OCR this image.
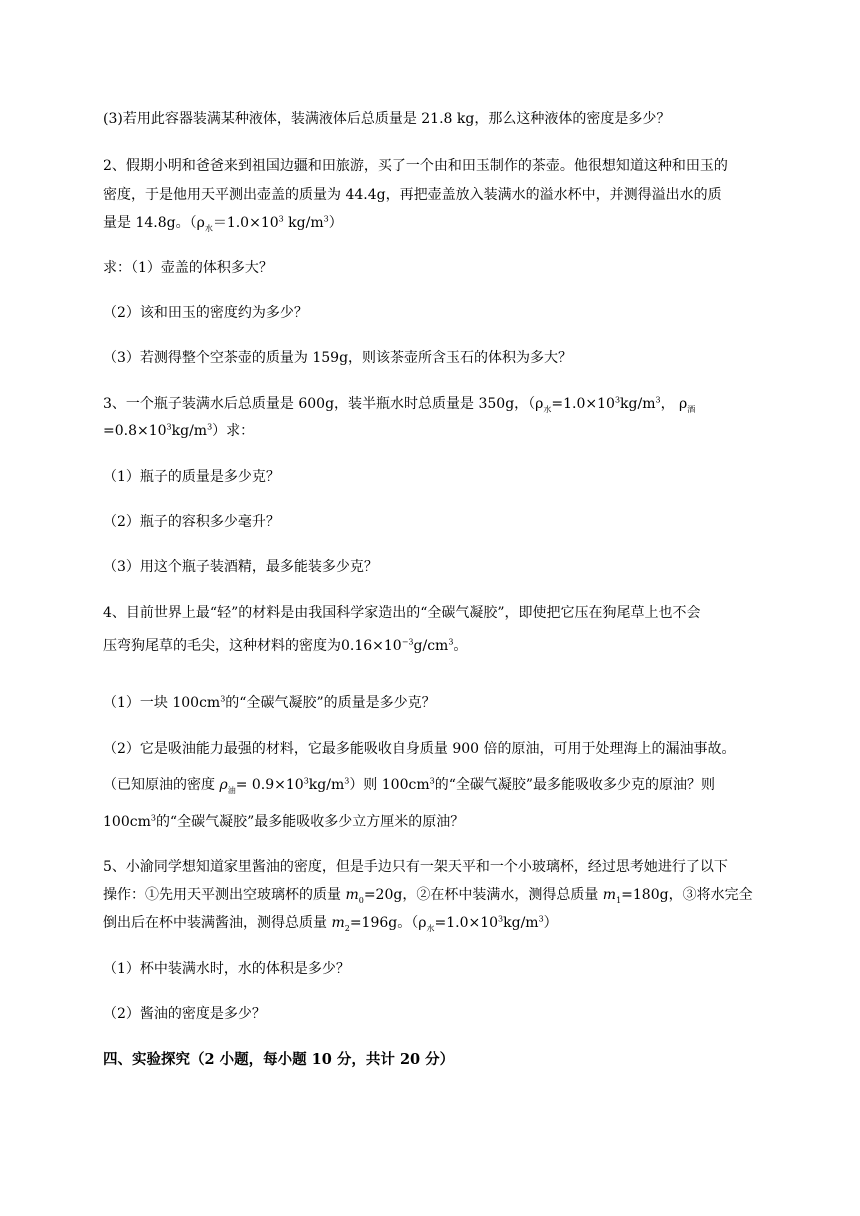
(3)若用此容器装满某种液体，装满液体后总质量是 21.8 kg，那么这种液体的密度是多少？
2、假期小明和爸爸来到祖国边疆和田旅游，买了一个由和田玉制作的茶壶。他很想知道这种和田玉的
密度，于是他用天平测出壶盖的质量为 44.4g，再把壶盖放入装满水的溢水杯中，并测得溢出水的质
量是 14.8g。（$\rho_水=1.0\times 10^3$ $kg/m^3$）
求：（1）壶盖的体积多大？
（2）该和田玉的密度约为多少？
（3）若测得整个空茶壶的质量为 159g，则该茶壶所含玉石的体积为多大？
3、一个瓶子装满水后总质量是 600g，装半瓶水时总质量是 350g，（$\rho_水=1.0\times 10^3kg/m^3$， $\rho_酒$
$=0.8\times 10^3kg/m^3$）求：
（1）瓶子的质量是多少克？
（2）瓶子的容积多少毫升？
（3）用这个瓶子装酒精，最多能装多少克？
4、目前世界上最“轻”的材料是由我国科学家造出的“全碳气凝胶”，即使把它压在狗尾草上也不会
压弯狗尾草的毛尖，这种材料的密度为$0.16\times 10^{-3}g/cm^3$。
（1）一块 $100cm^3$的“全碳气凝胶”的质量是多少克？
（2）它是吸油能力最强的材料，它最多能吸收自身质量 900 倍的原油，可用于处理海上的漏油事故。
（已知原油的密度 $\rho_油= 0.9\times 10^3kg/m^3$）则 $100cm^3$的“全碳气凝胶”最多能吸收多少克的原油？则
$100cm^3$的“全碳气凝胶”最多能吸收多少立方厘米的原油？
5、小渝同学想知道家里酱油的密度，但是手边只有一架天平和一个小玻璃杯，经过思考她进行了以下
操作：①先用天平测出空玻璃杯的质量 $m_0=20g$，②在杯中装满水，测得总质量 $m_1=180g$，③将水完全
倒出后在杯中装满酱油，测得总质量 $m_2=196g$。$(\rho_水=1.0\times 10^3kg/m^3)$
（1）杯中装满水时，水的体积是多少？
（2）酱油的密度是多少？
四、实验探究（2 小题，每小题 10 分，共计 20 分）
